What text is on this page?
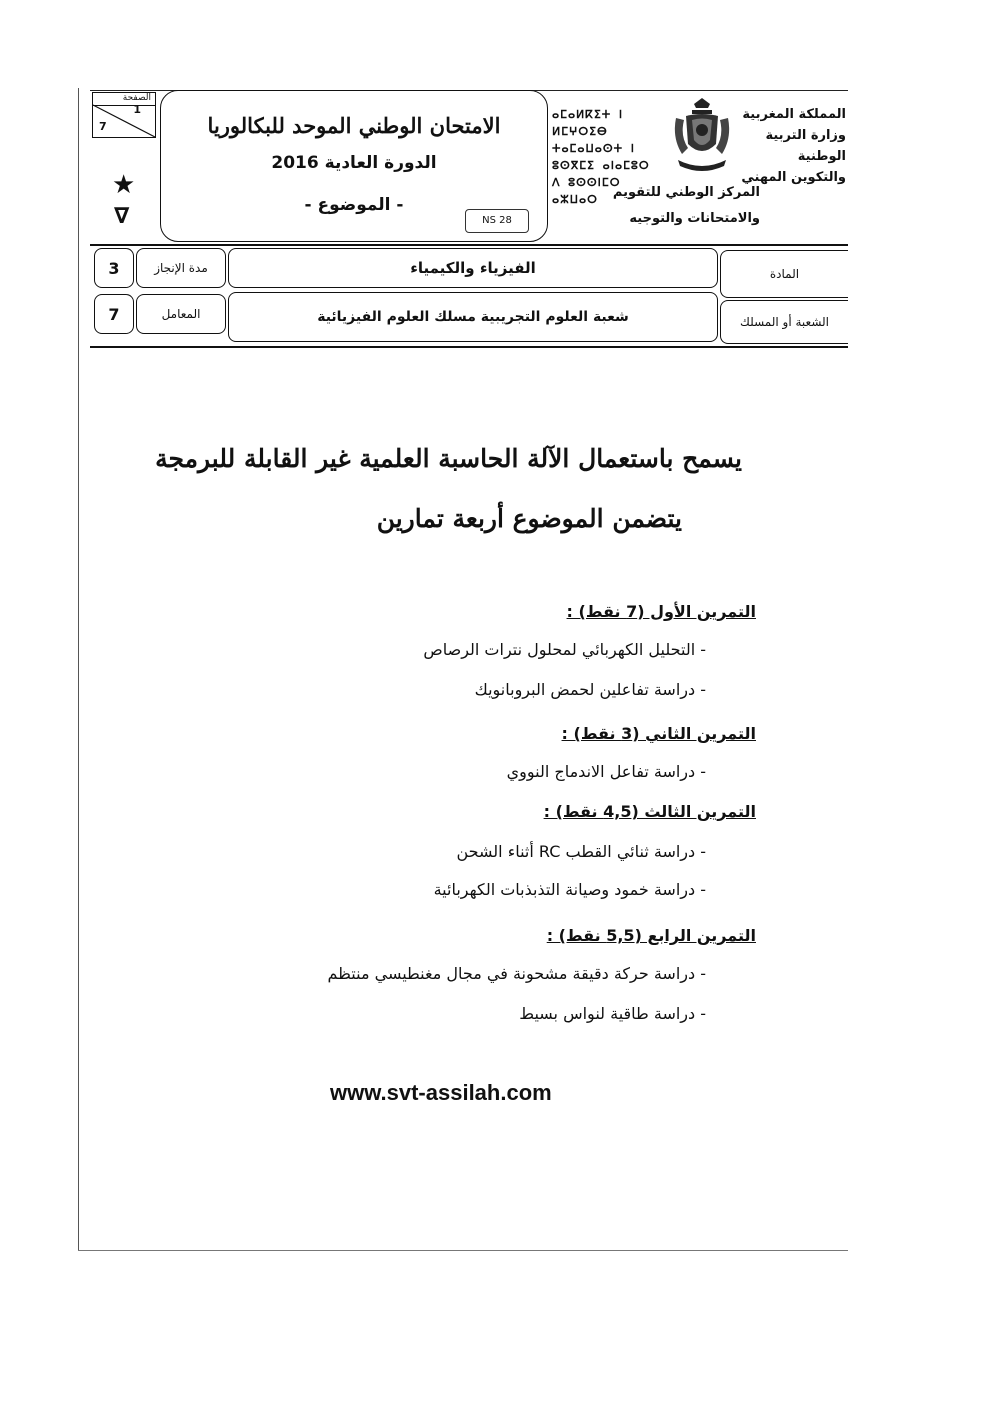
الصفحة
1
7
★
∇
الامتحان الوطني الموحد للبكالوريا
الدورة العادية 2016
- الموضوع -
NS 28
ⴰⵎⴰⵍⴽⵉⵜ ⵏ ⵍⵎⵖⵔⵉⴱ
ⵜⴰⵎⴰⵡⴰⵙⵜ ⵏ ⵓⵙⴳⵎⵉ ⴰⵏⴰⵎⵓⵔ
ⴷ ⵓⵙⵙⵏⵎⵔ ⴰⵣⵡⴰⵔ
المملكة المغربية
وزارة التربية الوطنية
والتكوين المهني
المركز الوطني للتقويم
والامتحانات والتوجيه
3	مدة الإنجاز	الفيزياء والكيمياء	المادة
7	المعامل	شعبة العلوم التجريبية مسلك العلوم الفيزيائية	الشعبة أو المسلك
يسمح باستعمال الآلة الحاسبة العلمية غير القابلة للبرمجة
يتضمن الموضوع أربعة تمارين
التمرين الأول (7 نقط) :
- التحليل الكهربائي لمحلول نترات الرصاص
- دراسة تفاعلين لحمض البروبانويك
التمرين الثاني (3 نقط) :
- دراسة تفاعل الاندماج النووي
التمرين الثالث (4,5 نقط) :
- دراسة ثنائي القطب RC أثناء الشحن
- دراسة خمود وصيانة التذبذبات الكهربائية
التمرين الرابع (5,5 نقط) :
- دراسة حركة دقيقة مشحونة في مجال مغنطيسي منتظم
- دراسة طاقية لنواس بسيط
www.svt-assilah.com
